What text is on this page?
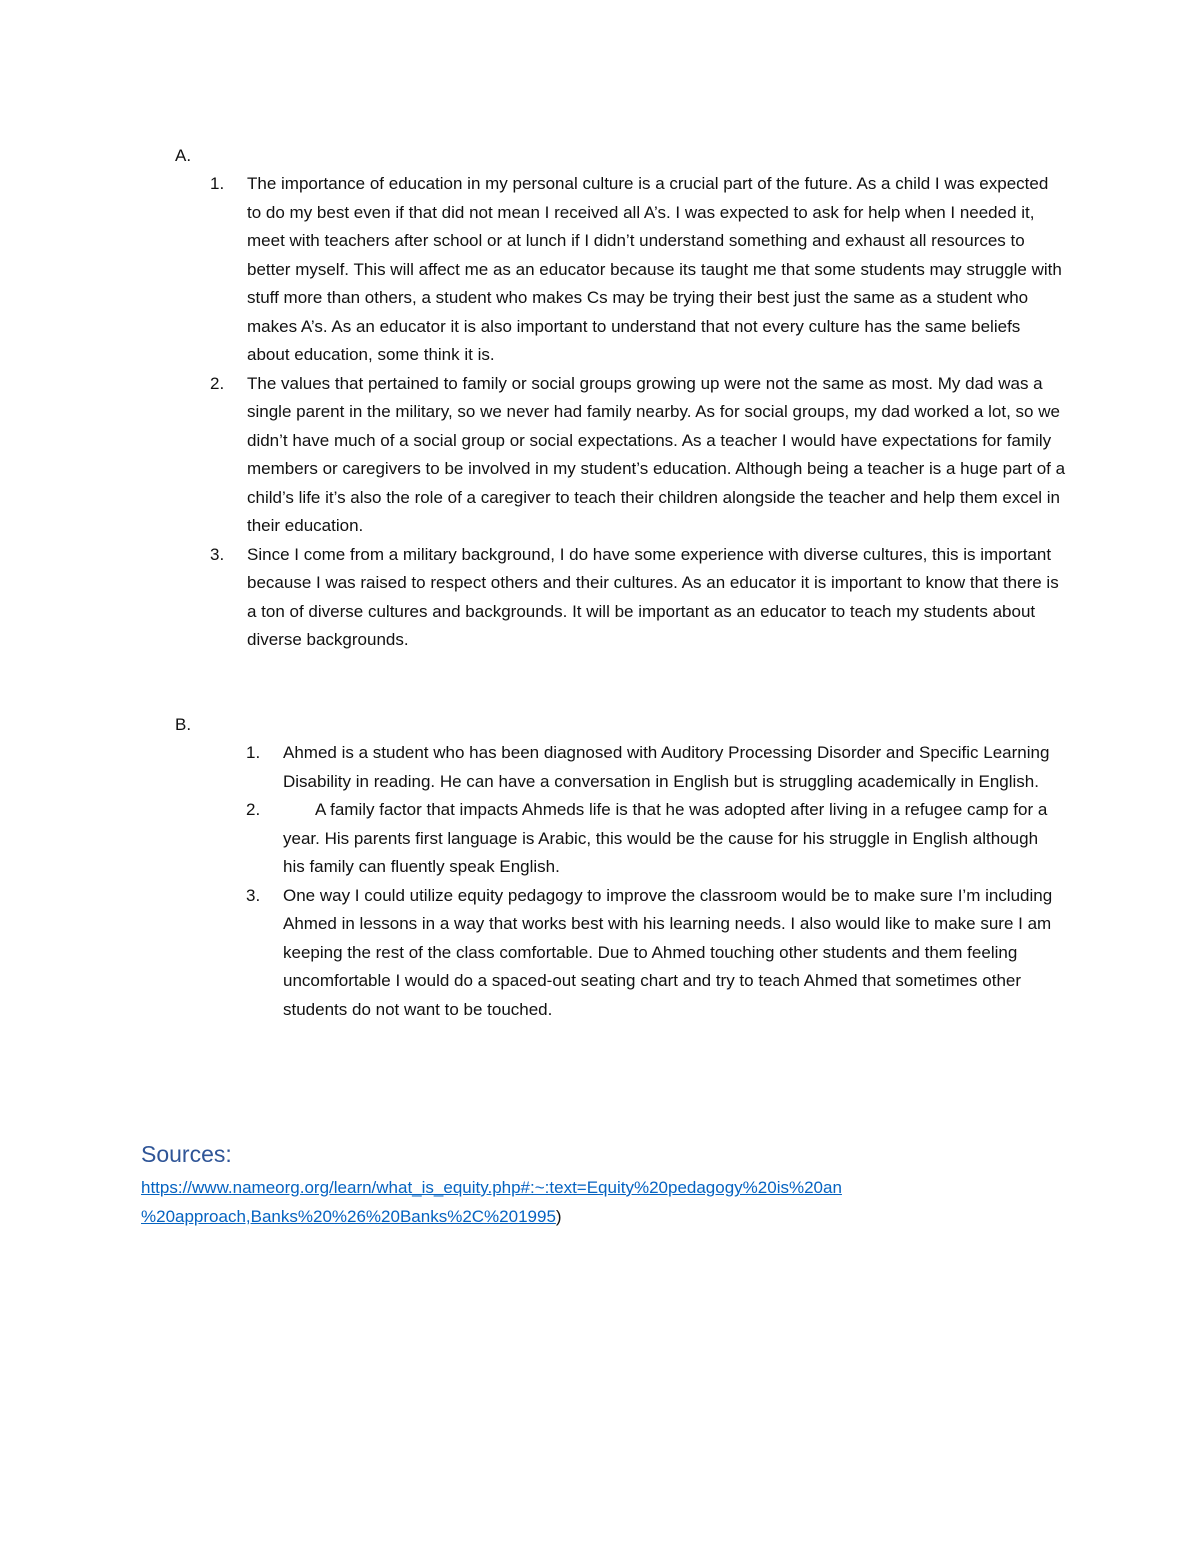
A.
1. The importance of education in my personal culture is a crucial part of the future. As a child I was expected to do my best even if that did not mean I received all A’s. I was expected to ask for help when I needed it, meet with teachers after school or at lunch if I didn’t understand something and exhaust all resources to better myself. This will affect me as an educator because its taught me that some students may struggle with stuff more than others, a student who makes Cs may be trying their best just the same as a student who makes A’s. As an educator it is also important to understand that not every culture has the same beliefs about education, some think it is.
2. The values that pertained to family or social groups growing up were not the same as most. My dad was a single parent in the military, so we never had family nearby. As for social groups, my dad worked a lot, so we didn’t have much of a social group or social expectations. As a teacher I would have expectations for family members or caregivers to be involved in my student’s education. Although being a teacher is a huge part of a child’s life it’s also the role of a caregiver to teach their children alongside the teacher and help them excel in their education.
3. Since I come from a military background, I do have some experience with diverse cultures, this is important because I was raised to respect others and their cultures. As an educator it is important to know that there is a ton of diverse cultures and backgrounds. It will be important as an educator to teach my students about diverse backgrounds.
B.
1. Ahmed is a student who has been diagnosed with Auditory Processing Disorder and Specific Learning Disability in reading. He can have a conversation in English but is struggling academically in English.
2.	A family factor that impacts Ahmeds life is that he was adopted after living in a refugee camp for a year. His parents first language is Arabic, this would be the cause for his struggle in English although his family can fluently speak English.
3. One way I could utilize equity pedagogy to improve the classroom would be to make sure I’m including Ahmed in lessons in a way that works best with his learning needs. I also would like to make sure I am keeping the rest of the class comfortable. Due to Ahmed touching other students and them feeling uncomfortable I would do a spaced-out seating chart and try to teach Ahmed that sometimes other students do not want to be touched.
Sources:
https://www.nameorg.org/learn/what_is_equity.php#:~:text=Equity%20pedagogy%20is%20an
%20approach,Banks%20%26%20Banks%2C%201995)
